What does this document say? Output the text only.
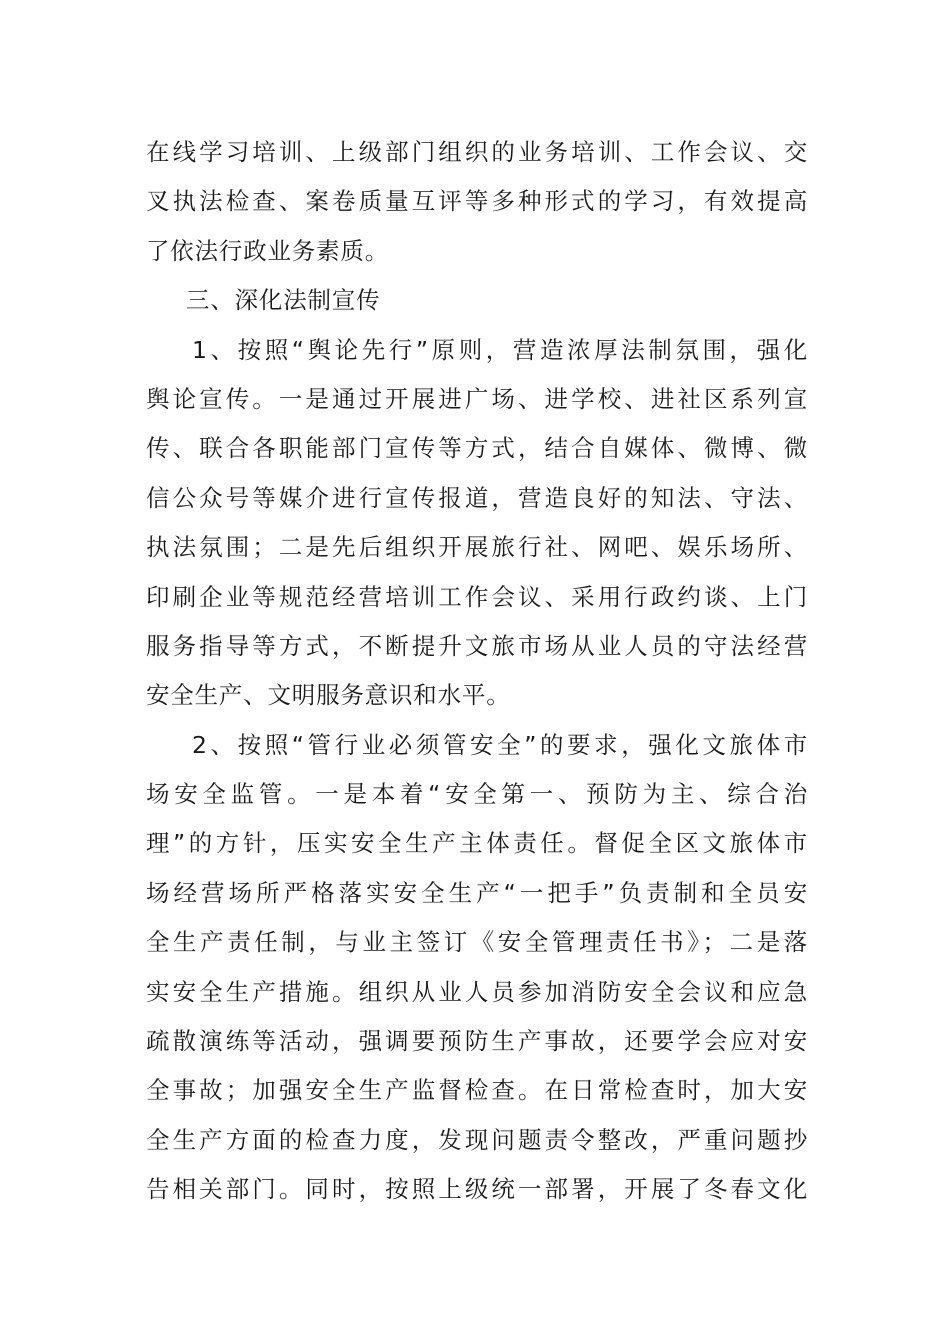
在线学习培训、上级部门组织的业务培训、工作会议、交
叉执法检查、案卷质量互评等多种形式的学习，有效提高
了依法行政业务素质。
三、深化法制宣传
1、按照“舆论先行”原则，营造浓厚法制氛围，强化
舆论宣传。一是通过开展进广场、进学校、进社区系列宣
传、联合各职能部门宣传等方式，结合自媒体、微博、微
信公众号等媒介进行宣传报道，营造良好的知法、守法、
执法氛围；二是先后组织开展旅行社、网吧、娱乐场所、
印刷企业等规范经营培训工作会议、采用行政约谈、上门
服务指导等方式，不断提升文旅市场从业人员的守法经营
安全生产、文明服务意识和水平。
2、按照“管行业必须管安全”的要求，强化文旅体市
场安全监管。一是本着“安全第一、预防为主、综合治
理”的方针，压实安全生产主体责任。督促全区文旅体市
场经营场所严格落实安全生产“一把手”负责制和全员安
全生产责任制，与业主签订《安全管理责任书》；二是落
实安全生产措施。组织从业人员参加消防安全会议和应急
疏散演练等活动，强调要预防生产事故，还要学会应对安
全事故；加强安全生产监督检查。在日常检查时，加大安
全生产方面的检查力度，发现问题责令整改，严重问题抄
告相关部门。同时，按照上级统一部署，开展了冬春文化
